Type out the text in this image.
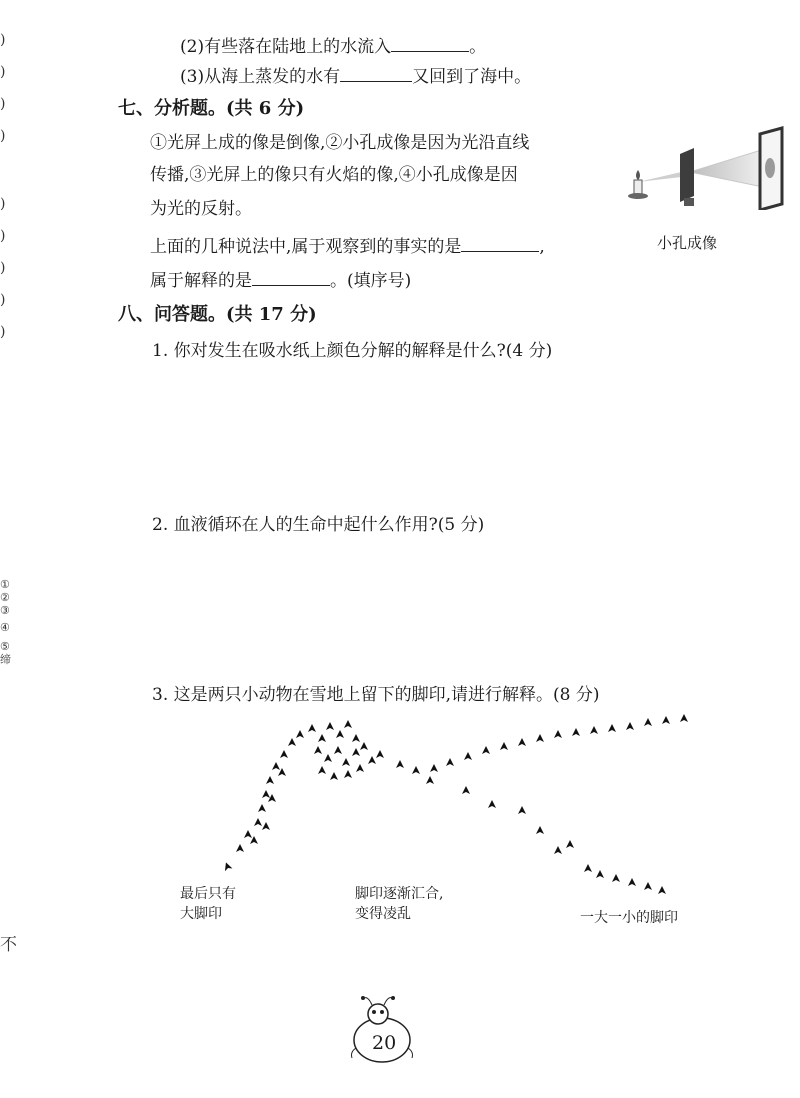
)
)
)
)
)
)
)
)
)
①
②
③
④
⑤
缔
不
(2)有些落在陆地上的水流入	。
(3)从海上蒸发的水有	又回到了海中。
七、分析题。(共 6 分)
①光屏上成的像是倒像,②小孔成像是因为光沿直线
传播,③光屏上的像只有火焰的像,④小孔成像是因
为光的反射。
上面的几种说法中,属于观察到的事实的是	,
属于解释的是	。(填序号)
小孔成像
八、问答题。(共 17 分)
1. 你对发生在吸水纸上颜色分解的解释是什么?(4 分)
2. 血液循环在人的生命中起什么作用?(5 分)
3. 这是两只小动物在雪地上留下的脚印,请进行解释。(8 分)
最后只有
大脚印
脚印逐渐汇合,
变得凌乱	一大一小的脚印
20
